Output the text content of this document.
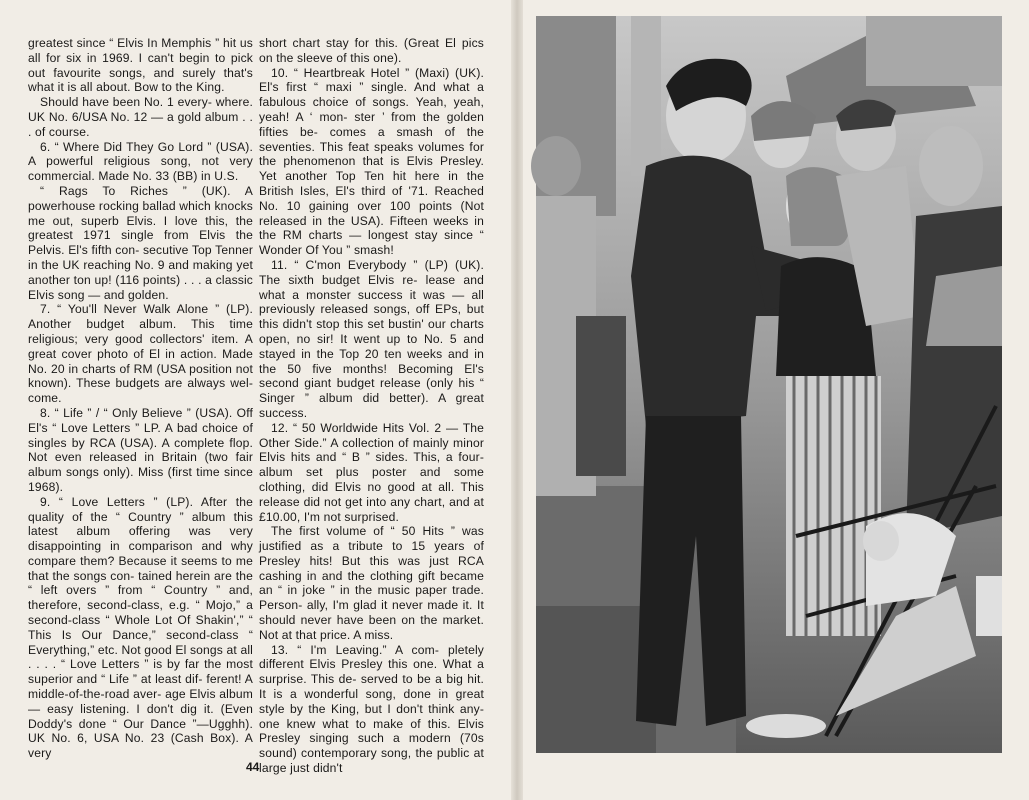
greatest since “ Elvis In Memphis ” hit us all for six in 1969. I can't begin to pick out favourite songs, and surely that's what it is all about. Bow to the King.

Should have been No. 1 every- where. UK No. 6/USA No. 12 — a gold album . . . of course.

6. “ Where Did They Go Lord ” (USA). A powerful religious song, not very commercial. Made No. 33 (BB) in U.S.

“ Rags To Riches ” (UK). A powerhouse rocking ballad which knocks me out, superb Elvis. I love this, the greatest 1971 single from Elvis the Pelvis. El's fifth con- secutive Top Tenner in the UK reaching No. 9 and making yet another ton up! (116 points) . . . a classic Elvis song — and golden.

7. “ You'll Never Walk Alone ” (LP). Another budget album. This time religious; very good collectors' item. A great cover photo of El in action. Made No. 20 in charts of RM (USA position not known). These budgets are always wel- come.

8. “ Life ” / “ Only Believe ” (USA). Off El's “ Love Letters ” LP. A bad choice of singles by RCA (USA). A complete flop. Not even released in Britain (two fair album songs only). Miss (first time since 1968).

9. “ Love Letters ” (LP). After the quality of the “ Country ” album this latest album offering was very disappointing in comparison and why compare them? Because it seems to me that the songs con- tained herein are the “ left overs ” from “ Country ” and, therefore, second-class, e.g. “ Mojo,” a second-class “ Whole Lot Of Shakin',” “ This Is Our Dance,” second-class “ Everything,” etc. Not good El songs at all . . . . “ Love Letters ” is by far the most superior and “ Life ” at least dif- ferent! A middle-of-the-road aver- age Elvis album — easy listening. I don't dig it. (Even Doddy's done “ Our Dance ”—Ugghh). UK No. 6, USA No. 23 (Cash Box). A very

short chart stay for this. (Great El pics on the sleeve of this one).

10. “ Heartbreak Hotel ” (Maxi) (UK). El's first “ maxi ” single. And what a fabulous choice of songs. Yeah, yeah, yeah! A ‘ mon- ster ’ from the golden fifties be- comes a smash of the seventies. This feat speaks volumes for the phenomenon that is Elvis Presley. Yet another Top Ten hit here in the British Isles, El's third of '71. Reached No. 10 gaining over 100 points (Not released in the USA). Fifteen weeks in the RM charts — longest stay since “ Wonder Of You ” smash!

11. “ C'mon Everybody ” (LP) (UK). The sixth budget Elvis re- lease and what a monster success it was — all previously released songs, off EPs, but this didn't stop this set bustin' our charts open, no sir! It went up to No. 5 and stayed in the Top 20 ten weeks and in the 50 five months! Becoming El's second giant budget release (only his “ Singer ” album did better). A great success.

12. “ 50 Worldwide Hits Vol. 2 — The Other Side.” A collection of mainly minor Elvis hits and “ B ” sides. This, a four-album set plus poster and some clothing, did Elvis no good at all. This release did not get into any chart, and at £10.00, I'm not surprised.

The first volume of “ 50 Hits ” was justified as a tribute to 15 years of Presley hits! But this was just RCA cashing in and the clothing gift became an “ in joke ” in the music paper trade. Person- ally, I'm glad it never made it. It should never have been on the market. Not at that price. A miss.

13. “ I'm Leaving.” A com- pletely different Elvis Presley this one. What a surprise. This de- served to be a big hit. It is a wonderful song, done in great style by the King, but I don't think any- one knew what to make of this. Elvis Presley singing such a modern (70s sound) contemporary song, the public at large just didn't

44
